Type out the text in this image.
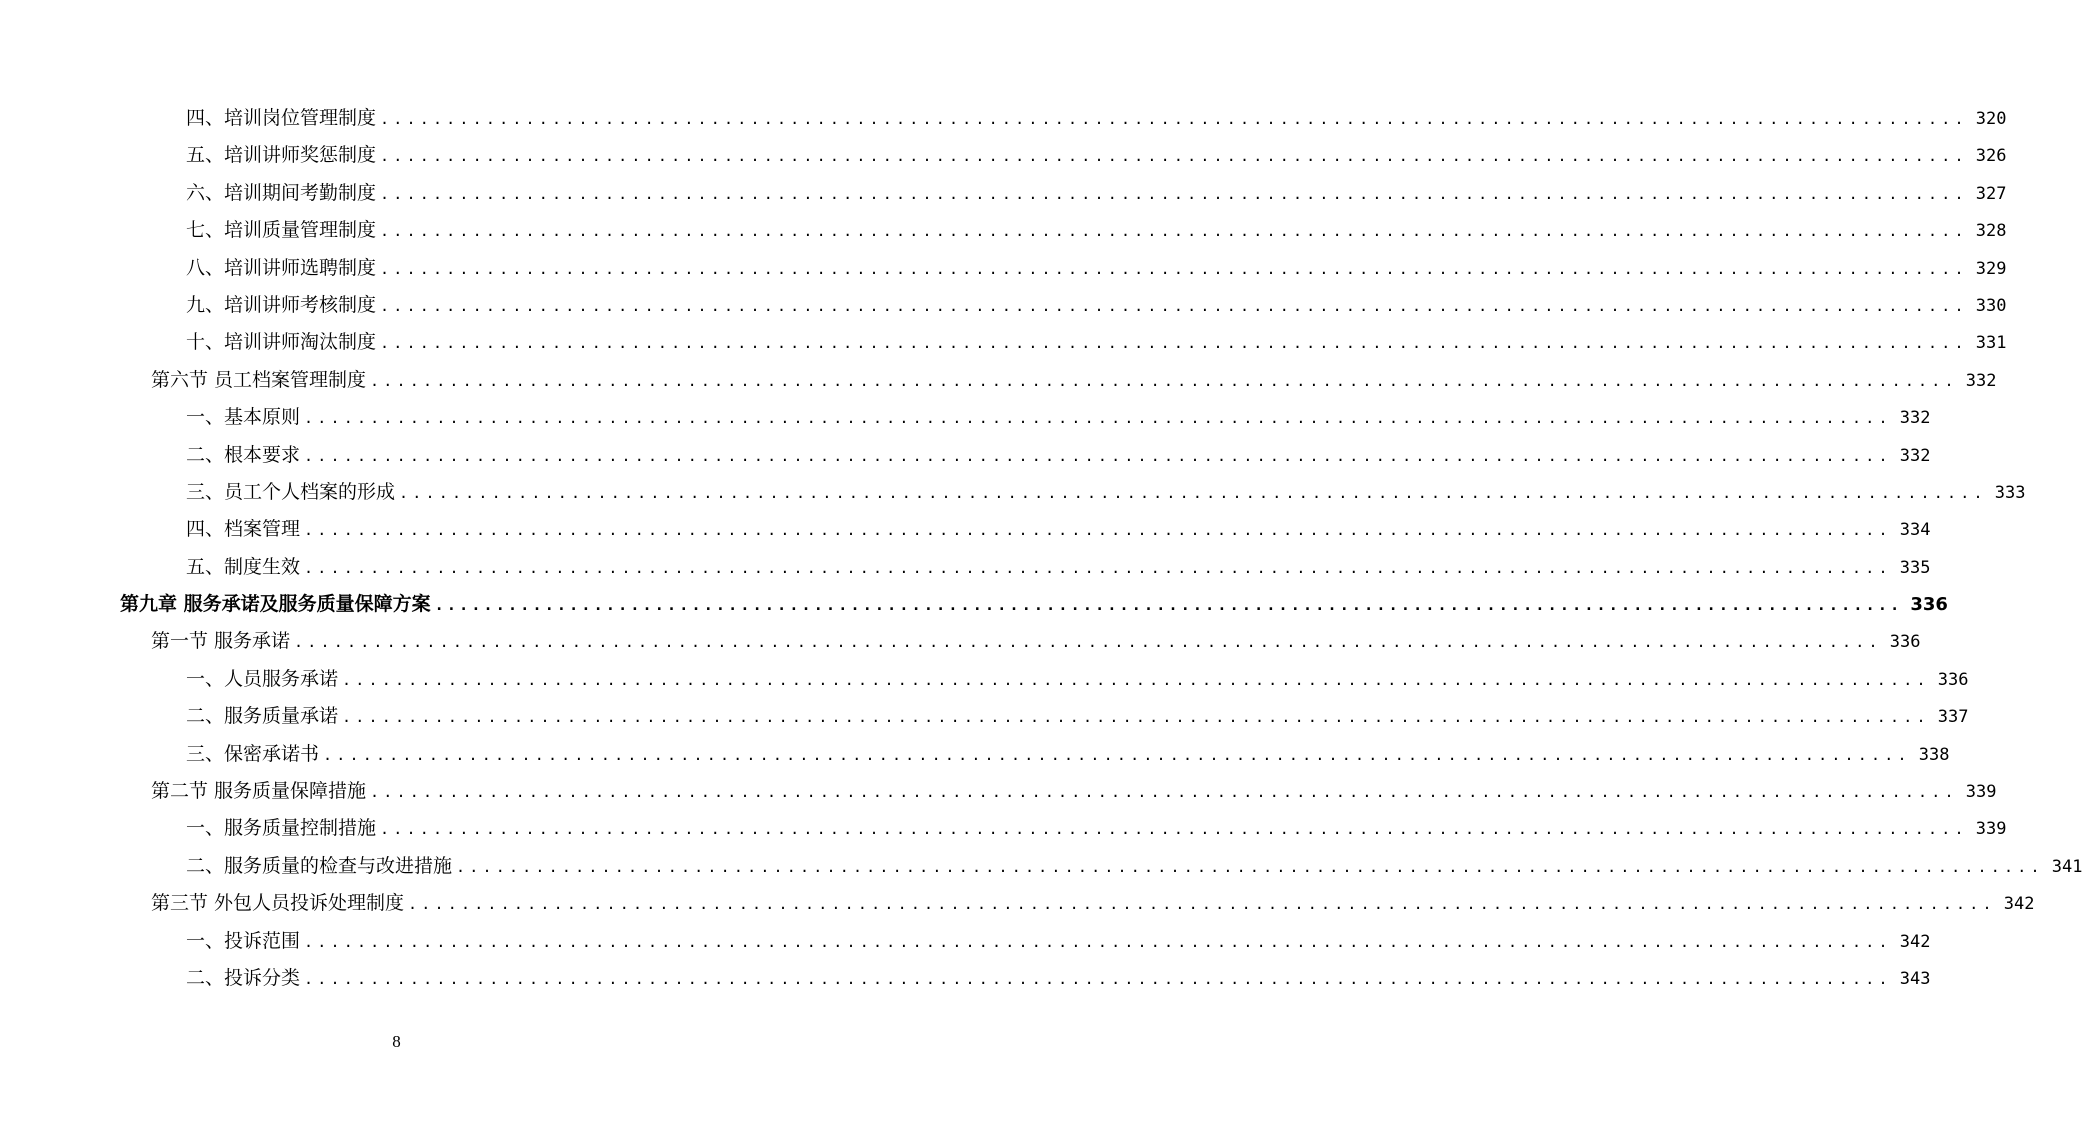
四、培训岗位管理制度 ........................................................................................................................ 320
五、培训讲师奖惩制度 ........................................................................................................................ 326
六、培训期间考勤制度 ........................................................................................................................ 327
七、培训质量管理制度 ........................................................................................................................ 328
八、培训讲师选聘制度 ........................................................................................................................ 329
九、培训讲师考核制度 ........................................................................................................................ 330
十、培训讲师淘汰制度 ........................................................................................................................ 331
第六节 员工档案管理制度 ........................................................................................................................ 332
一、基本原则 ........................................................................................................................ 332
二、根本要求 ........................................................................................................................ 332
三、员工个人档案的形成 ........................................................................................................................ 333
四、档案管理 ........................................................................................................................ 334
五、制度生效 ........................................................................................................................ 335
第九章 服务承诺及服务质量保障方案 ........................................................................................................................ 336
第一节 服务承诺 ........................................................................................................................ 336
一、人员服务承诺 ........................................................................................................................ 336
二、服务质量承诺 ........................................................................................................................ 337
三、保密承诺书 ........................................................................................................................ 338
第二节 服务质量保障措施 ........................................................................................................................ 339
一、服务质量控制措施 ........................................................................................................................ 339
二、服务质量的检查与改进措施 ........................................................................................................................ 341
第三节 外包人员投诉处理制度 ........................................................................................................................ 342
一、投诉范围 ........................................................................................................................ 342
二、投诉分类 ........................................................................................................................ 343
8
